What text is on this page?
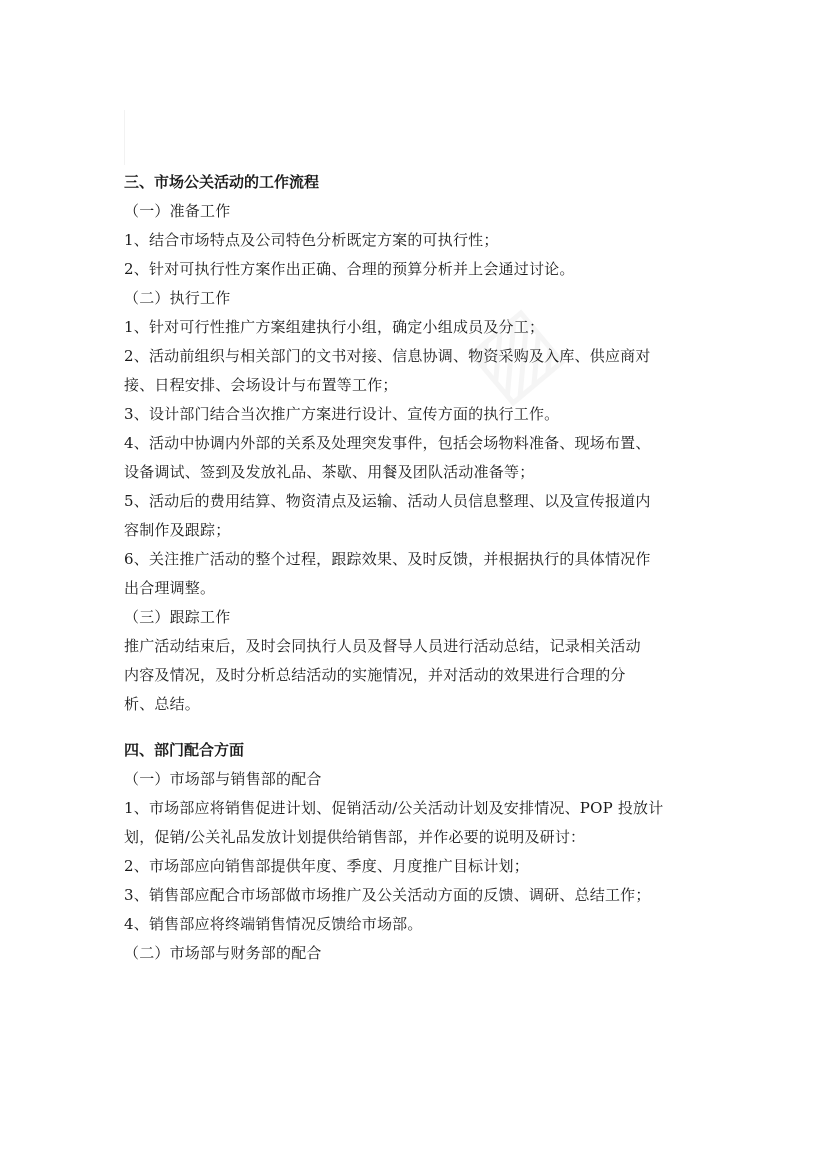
▨
三、市场公关活动的工作流程
（一）准备工作
1、结合市场特点及公司特色分析既定方案的可执行性；
2、针对可执行性方案作出正确、合理的预算分析并上会通过讨论。
（二）执行工作
1、针对可行性推广方案组建执行小组，确定小组成员及分工；
2、活动前组织与相关部门的文书对接、信息协调、物资采购及入库、供应商对
接、日程安排、会场设计与布置等工作；
3、设计部门结合当次推广方案进行设计、宣传方面的执行工作。
4、活动中协调内外部的关系及处理突发事件，包括会场物料准备、现场布置、
设备调试、签到及发放礼品、茶歇、用餐及团队活动准备等；
5、活动后的费用结算、物资清点及运输、活动人员信息整理、以及宣传报道内
容制作及跟踪；
6、关注推广活动的整个过程，跟踪效果、及时反馈，并根据执行的具体情况作
出合理调整。
（三）跟踪工作
推广活动结束后，及时会同执行人员及督导人员进行活动总结，记录相关活动
内容及情况，及时分析总结活动的实施情况，并对活动的效果进行合理的分
析、总结。
四、部门配合方面
（一）市场部与销售部的配合
1、市场部应将销售促进计划、促销活动/公关活动计划及安排情况、POP 投放计
划，促销/公关礼品发放计划提供给销售部，并作必要的说明及研讨：
2、市场部应向销售部提供年度、季度、月度推广目标计划；
3、销售部应配合市场部做市场推广及公关活动方面的反馈、调研、总结工作；
4、销售部应将终端销售情况反馈给市场部。
（二）市场部与财务部的配合
